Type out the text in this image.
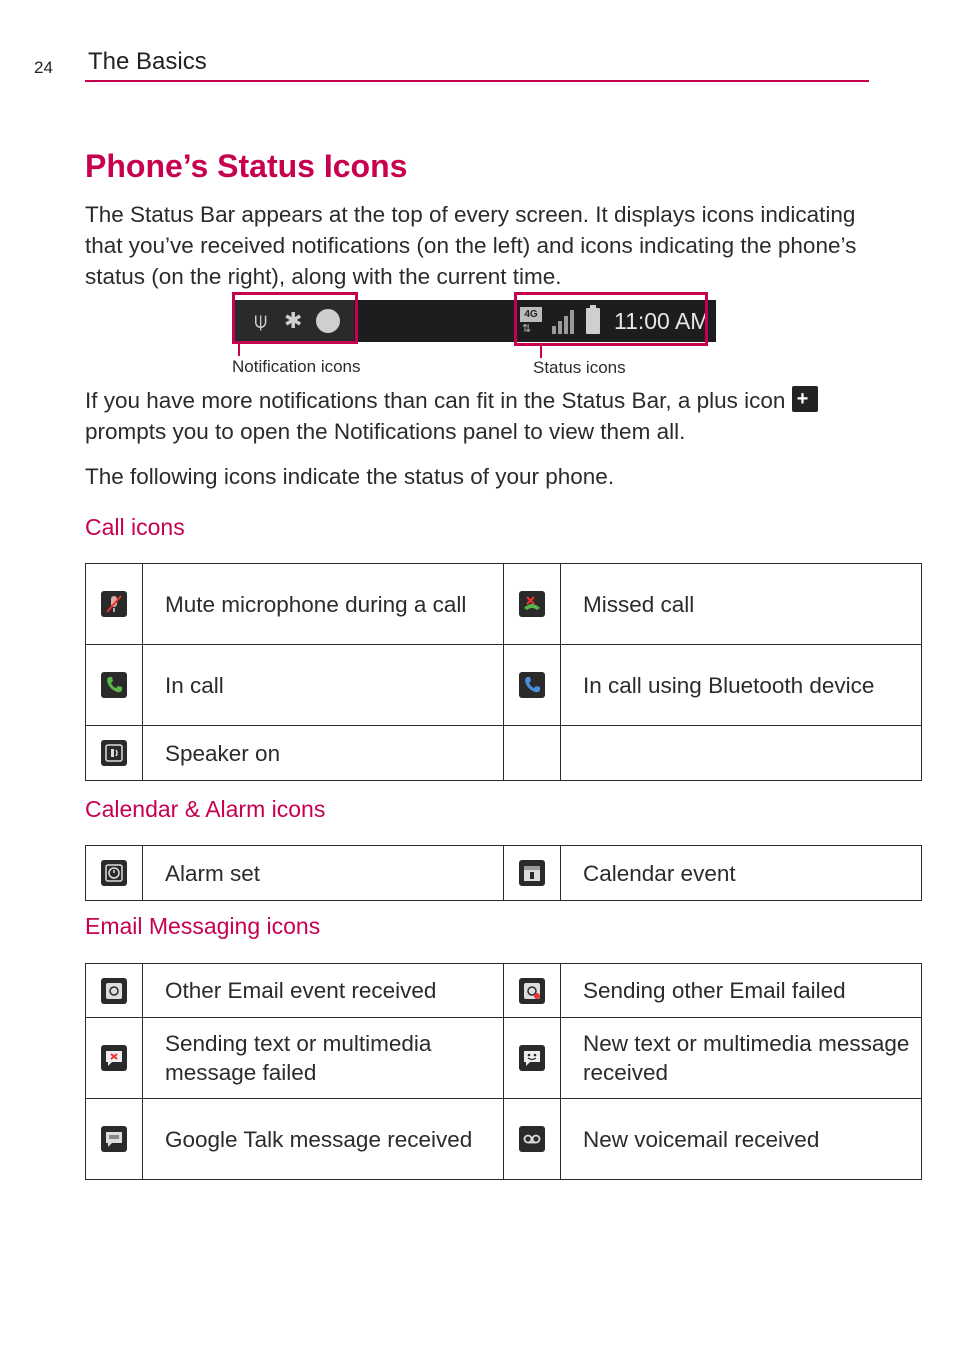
24 The Basics
Phone’s Status Icons

The Status Bar appears at the top of every screen. It displays icons indicating that you’ve received notifications (on the left) and icons indicating the phone’s status (on the right), along with the current time.

⍦ ✱	4G
⇅	11:00 AM
Notification icons	Status icons

If you have more notifications than can fit in the Status Bar, a plus icon +

prompts you to open the Notifications panel to view them all.

The following icons indicate the status of your phone.

Call icons
	Mute microphone during a call		Missed call

	In call		In call using Bluetooth device

	Speaker on		
Calendar & Alarm icons
	Alarm set		Calendar event
Email Messaging icons
	Other Email event received		Sending other Email failed

	Sending text or multimedia message failed		New text or multimedia message received

	Google Talk message received		New voicemail received
